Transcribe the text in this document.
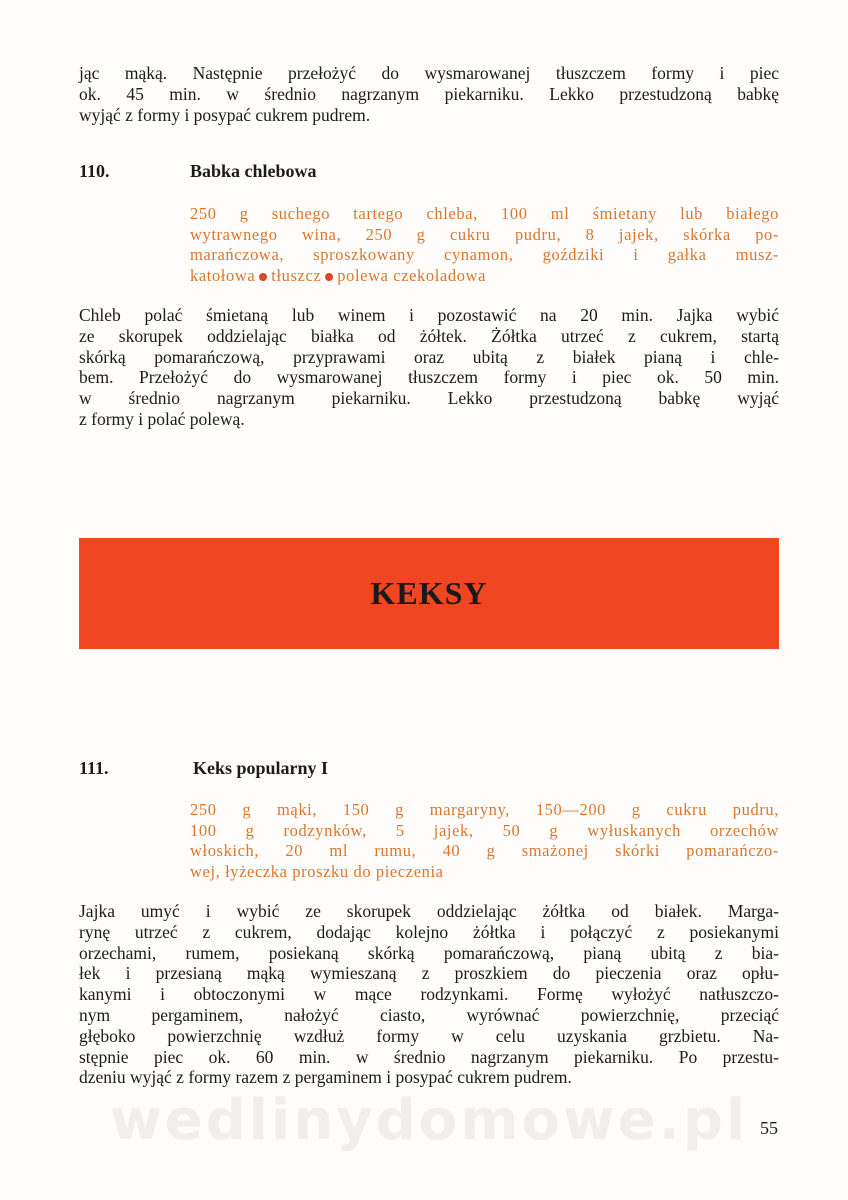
jąc mąką. Następnie przełożyć do wysmarowanej tłuszczem formy i piec
ok. 45 min. w średnio nagrzanym piekarniku. Lekko przestudzoną babkę
wyjąć z formy i posypać cukrem pudrem.
110.	Babka chlebowa
250 g suchego tartego chleba, 100 ml śmietany lub białego
wytrawnego wina, 250 g cukru pudru, 8 jajek, skórka po-
marańczowa, sproszkowany cynamon, goździki i gałka musz-
katołowa tłuszcz polewa czekoladowa
Chleb polać śmietaną lub winem i pozostawić na 20 min. Jajka wybić
ze skorupek oddzielając białka od żółtek. Żółtka utrzeć z cukrem, startą
skórką pomarańczową, przyprawami oraz ubitą z białek pianą i chle-
bem. Przełożyć do wysmarowanej tłuszczem formy i piec ok. 50 min.
w średnio nagrzanym piekarniku. Lekko przestudzoną babkę wyjąć
z formy i polać polewą.
KEKSY
111.	Keks popularny I
250 g mąki, 150 g margaryny, 150—200 g cukru pudru,
100 g rodzynków, 5 jajek, 50 g wyłuskanych orzechów
włoskich, 20 ml rumu, 40 g smażonej skórki pomarańczo-
wej, łyżeczka proszku do pieczenia
Jajka umyć i wybić ze skorupek oddzielając żółtka od białek. Marga-
rynę utrzeć z cukrem, dodając kolejno żółtka i połączyć z posiekanymi
orzechami, rumem, posiekaną skórką pomarańczową, pianą ubitą z bia-
łek i przesianą mąką wymieszaną z proszkiem do pieczenia oraz opłu-
kanymi i obtoczonymi w mące rodzynkami. Formę wyłożyć natłuszczo-
nym pergaminem, nałożyć ciasto, wyrównać powierzchnię, przeciąć
głęboko powierzchnię wzdłuż formy w celu uzyskania grzbietu. Na-
stępnie piec ok. 60 min. w średnio nagrzanym piekarniku. Po przestu-
dzeniu wyjąć z formy razem z pergaminem i posypać cukrem pudrem.
wedlinydomowe.pl 55
